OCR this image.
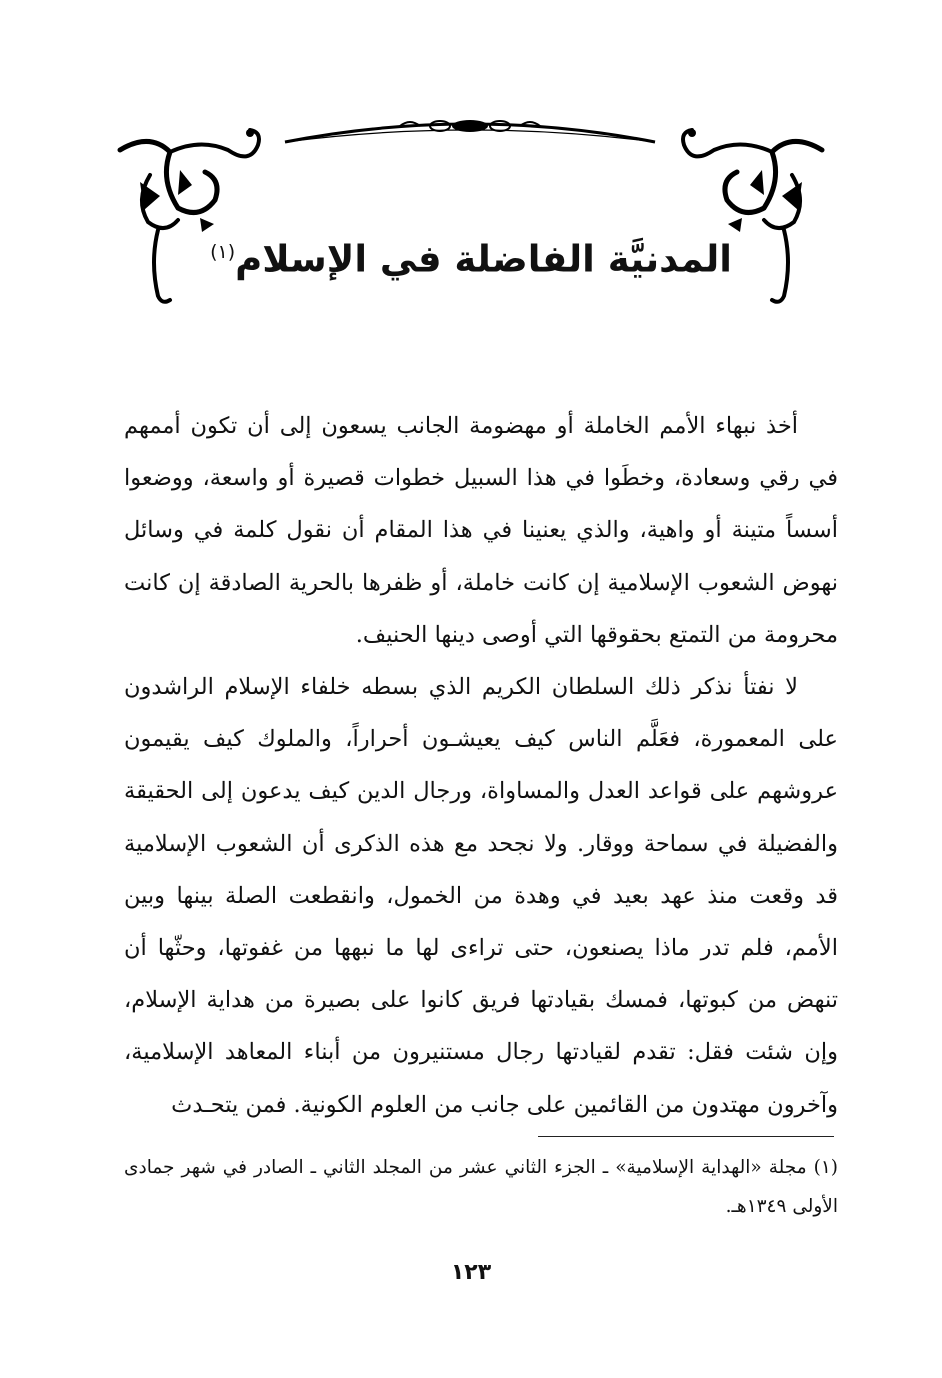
المدنيَّة الفاضلة في الإسلام$^{(١)}$

أخذ نبهاء الأمم الخاملة أو مهضومة الجانب يسعون إلى أن تكون أممهم في رقي وسعادة، وخطَوا في هذا السبيل خطوات قصيرة أو واسعة، ووضعوا أسساً متينة أو واهية، والذي يعنينا في هذا المقام أن نقول كلمة في وسائل نهوض الشعوب الإسلامية إن كانت خاملة، أو ظفرها بالحرية الصادقة إن كانت محرومة من التمتع بحقوقها التي أوصى دينها الحنيف.

لا نفتأ نذكر ذلك السلطان الكريم الذي بسطه خلفاء الإسلام الراشدون على المعمورة، فعَلَّم الناس كيف يعيشـون أحراراً، والملوك كيف يقيمون عروشهم على قواعد العدل والمساواة، ورجال الدين كيف يدعون إلى الحقيقة والفضيلة في سماحة ووقار. ولا نجحد مع هذه الذكرى أن الشعوب الإسلامية قد وقعت منذ عهد بعيد في وهدة من الخمول، وانقطعت الصلة بينها وبين الأمم، فلم تدر ماذا يصنعون، حتى تراءى لها ما نبهها من غفوتها، وحثّها أن تنهض من كبوتها، فمسك بقيادتها فريق كانوا على بصيرة من هداية الإسلام، وإن شئت فقل: تقدم لقيادتها رجال مستنيرون من أبناء المعاهد الإسلامية، وآخرون مهتدون من القائمين على جانب من العلوم الكونية. فمن يتحـدث

(١) مجلة «الهداية الإسلامية» ـ الجزء الثاني عشر من المجلد الثاني ـ الصادر في شهر جمادى الأولى ١٣٤٩هـ.

١٢٣
